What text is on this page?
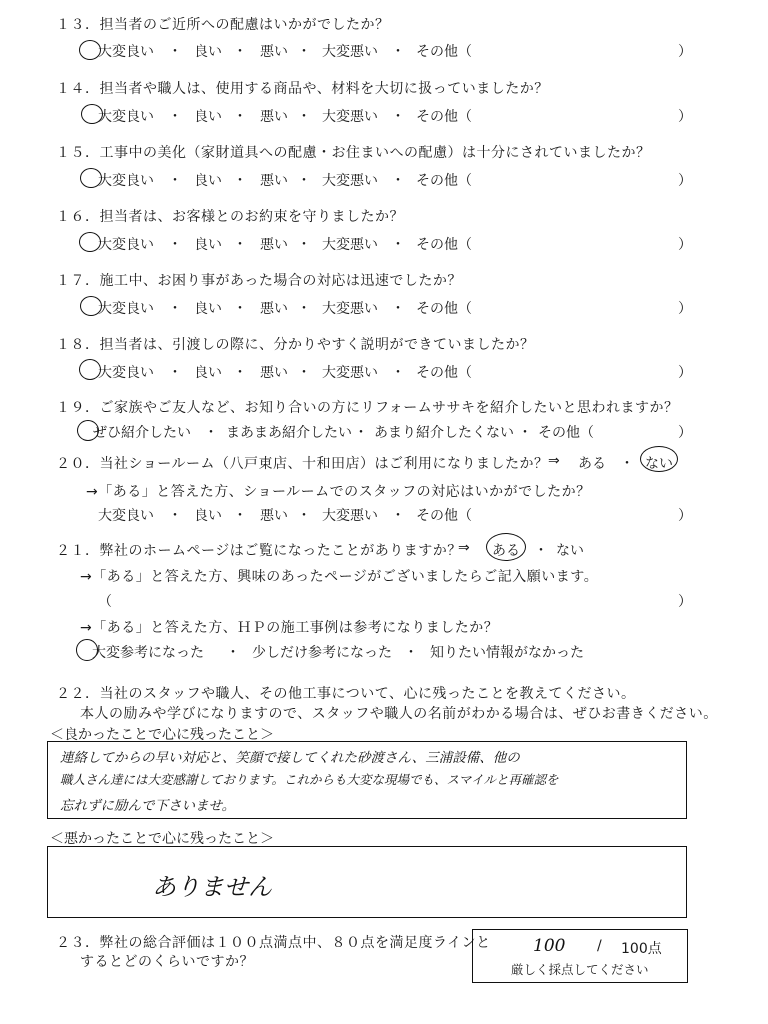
１３．担当者のご近所への配慮はいかがでしたか？
大変良い ・ 良い ・ 悪い ・ 大変悪い ・ その他（	）
１４．担当者や職人は、使用する商品や、材料を大切に扱っていましたか？
大変良い ・ 良い ・ 悪い ・ 大変悪い ・ その他（	）
１５．工事中の美化（家財道具への配慮・お住まいへの配慮）は十分にされていましたか？
大変良い ・ 良い ・ 悪い ・ 大変悪い ・ その他（	）
１６．担当者は、お客様とのお約束を守りましたか？
大変良い ・ 良い ・ 悪い ・ 大変悪い ・ その他（	）
１７．施工中、お困り事があった場合の対応は迅速でしたか？
大変良い ・ 良い ・ 悪い ・ 大変悪い ・ その他（	）
１８．担当者は、引渡しの際に、分かりやすく説明ができていましたか？
大変良い ・ 良い ・ 悪い ・ 大変悪い ・ その他（	）
１９．ご家族やご友人など、お知り合いの方にリフォームササキを紹介したいと思われますか？
ぜひ紹介したい ・ まあまあ紹介したい ・ あまり紹介したくない ・ その他（	）
２０．当社ショールーム（八戸東店、十和田店）はご利用になりましたか？ ⇒ ある ・ ない
→「ある」と答えた方、ショールームでのスタッフの対応はいかがでしたか？
大変良い ・ 良い ・ 悪い ・ 大変悪い ・ その他（	）
２１．弊社のホームページはご覧になったことがありますか？
⇒ ある ・ ない
→「ある」と答えた方、興味のあったページがございましたらご記入願います。
（	）
→「ある」と答えた方、ＨＰの施工事例は参考になりましたか？
大変参考になった ・ 少しだけ参考になった ・ 知りたい情報がなかった
２２．当社のスタッフや職人、その他工事について、心に残ったことを教えてください。
本人の励みや学びになりますので、スタッフや職人の名前がわかる場合は、ぜひお書きください。
＜良かったことで心に残ったこと＞
連絡してからの早い対応と、笑顔で接してくれた砂渡さん、三浦設備、他の
職人さん達には大変感謝しております。これからも大変な現場でも、スマイルと再確認を
忘れずに励んで下さいませ。
＜悪かったことで心に残ったこと＞
ありません
２３．弊社の総合評価は１００点満点中、８０点を満足度ラインと
するとどのくらいですか？
100 / 100点
厳しく採点してください
